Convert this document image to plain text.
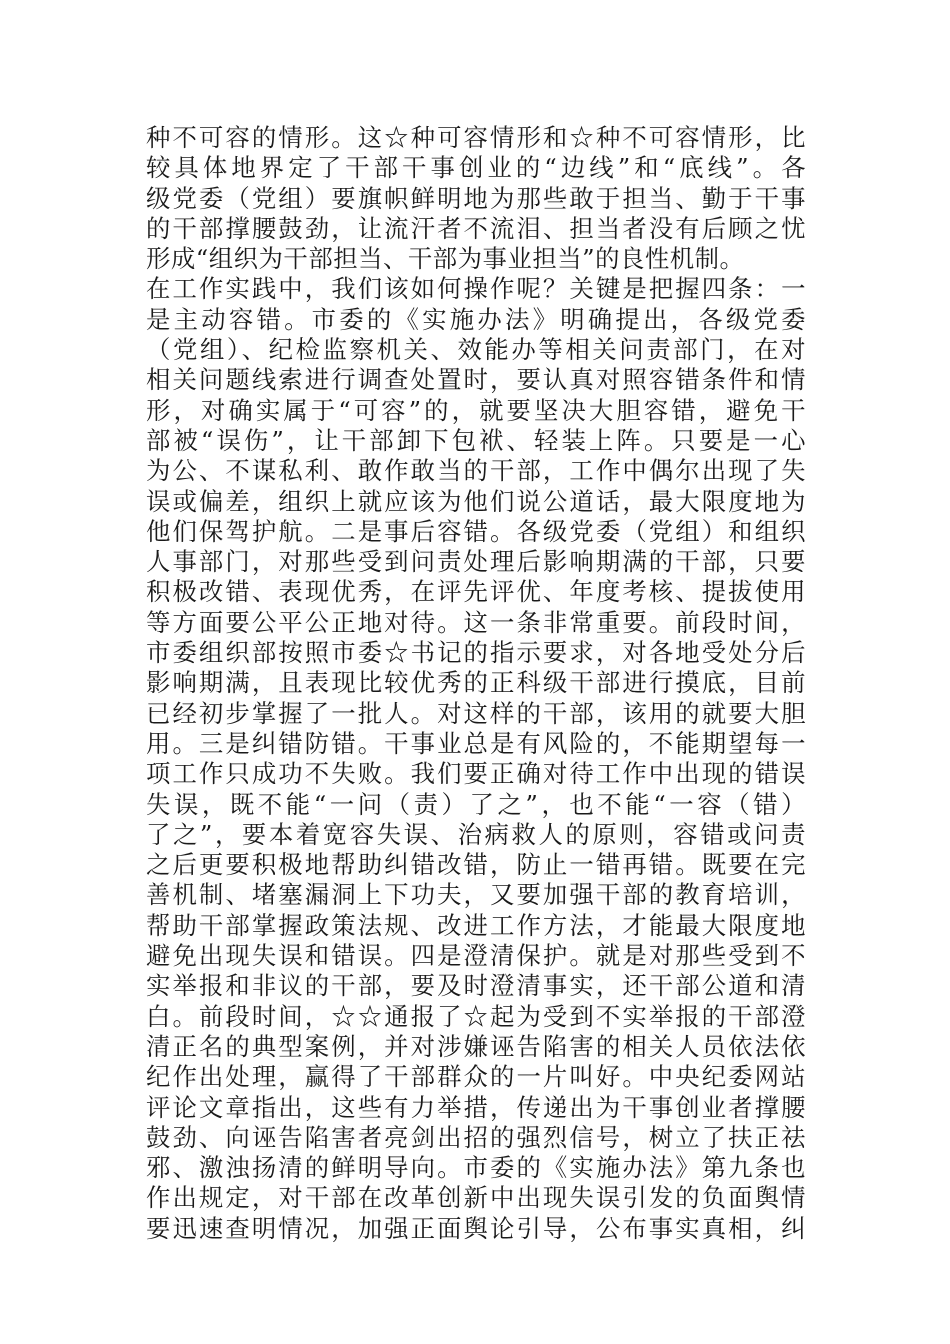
种不可容的情形。这☆种可容情形和☆种不可容情形，比
较具体地界定了干部干事创业的“边线”和“底线”。各
级党委（党组）要旗帜鲜明地为那些敢于担当、勤于干事
的干部撑腰鼓劲，让流汗者不流泪、担当者没有后顾之忧
形成“组织为干部担当、干部为事业担当”的良性机制。
在工作实践中，我们该如何操作呢？关键是把握四条：一
是主动容错。市委的《实施办法》明确提出，各级党委
（党组）、纪检监察机关、效能办等相关问责部门，在对
相关问题线索进行调查处置时，要认真对照容错条件和情
形，对确实属于“可容”的，就要坚决大胆容错，避免干
部被“误伤”，让干部卸下包袱、轻装上阵。只要是一心
为公、不谋私利、敢作敢当的干部，工作中偶尔出现了失
误或偏差，组织上就应该为他们说公道话，最大限度地为
他们保驾护航。二是事后容错。各级党委（党组）和组织
人事部门，对那些受到问责处理后影响期满的干部，只要
积极改错、表现优秀，在评先评优、年度考核、提拔使用
等方面要公平公正地对待。这一条非常重要。前段时间，
市委组织部按照市委☆书记的指示要求，对各地受处分后
影响期满，且表现比较优秀的正科级干部进行摸底，目前
已经初步掌握了一批人。对这样的干部，该用的就要大胆
用。三是纠错防错。干事业总是有风险的，不能期望每一
项工作只成功不失败。我们要正确对待工作中出现的错误
失误，既不能“一问（责）了之”，也不能“一容（错）
了之”，要本着宽容失误、治病救人的原则，容错或问责
之后更要积极地帮助纠错改错，防止一错再错。既要在完
善机制、堵塞漏洞上下功夫，又要加强干部的教育培训，
帮助干部掌握政策法规、改进工作方法，才能最大限度地
避免出现失误和错误。四是澄清保护。就是对那些受到不
实举报和非议的干部，要及时澄清事实，还干部公道和清
白。前段时间，☆☆通报了☆起为受到不实举报的干部澄
清正名的典型案例，并对涉嫌诬告陷害的相关人员依法依
纪作出处理，赢得了干部群众的一片叫好。中央纪委网站
评论文章指出，这些有力举措，传递出为干事创业者撑腰
鼓劲、向诬告陷害者亮剑出招的强烈信号，树立了扶正祛
邪、激浊扬清的鲜明导向。市委的《实施办法》第九条也
作出规定，对干部在改革创新中出现失误引发的负面舆情
要迅速查明情况，加强正面舆论引导，公布事实真相，纠
